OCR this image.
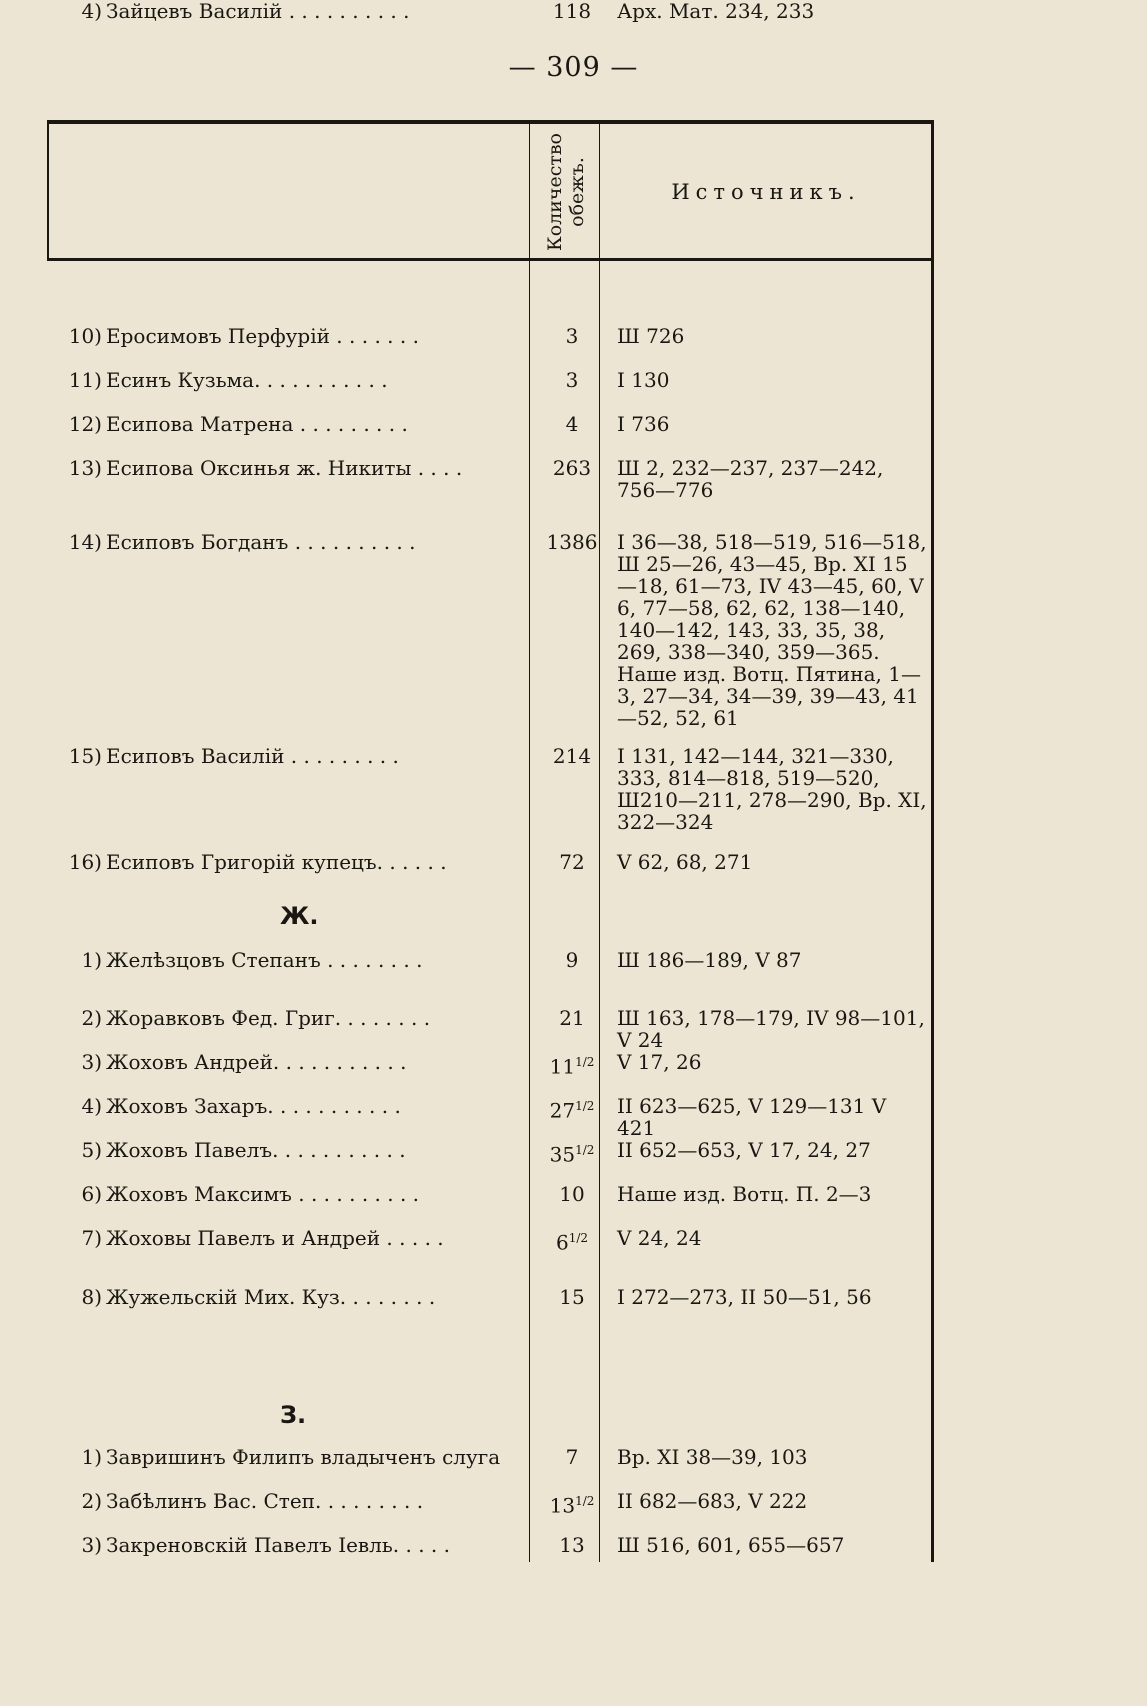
— 309 —
Количество обежъ.	Источникъ.
10) Еросимовъ Перфурій . . . . . . .	3	Ш 726
11) Есинъ Кузьма. . . . . . . . . . .	3	I 130
12) Есипова Матрена . . . . . . . . .	4	I 736
13) Есипова Оксинья ж. Никиты . . . .	263	Ш 2, 232—237, 237—242, 756—776
14) Есиповъ Богданъ . . . . . . . . . .	1386 I 36—38, 518—519, 516—518, Ш 25—26, 43—45, Вр. XI 15—18, 61—73, IV 43—45, 60, V 6, 77—58, 62, 62, 138—140, 140—142, 143, 33, 35, 38, 269, 338—340, 359—365. Наше изд. Вотц. Пятина, 1—3, 27—34, 34—39, 39—43, 41—52, 52, 61
15) Есиповъ Василій . . . . . . . . .	214	I 131, 142—144, 321—330, 333, 814—818, 519—520, Ш210—211, 278—290, Вр. XI, 322—324
16) Есиповъ Григорій купецъ. . . . . .	72	V 62, 68, 271
Ж.
1) Желѣзцовъ Степанъ . . . . . . . .	9	Ш 186—189, V 87
2) Жоравковъ Фед. Григ. . . . . . . .	21	Ш 163, 178—179, IV 98—101, V 24
3) Жоховъ Андрей. . . . . . . . . . .	$11^{1/2}$	V 17, 26
4) Жоховъ Захаръ. . . . . . . . . . .	$27^{1/2}$	II 623—625, V 129—131 V 421
5) Жоховъ Павелъ. . . . . . . . . . .	$35^{1/2}$	II 652—653, V 17, 24, 27
6) Жоховъ Максимъ . . . . . . . . . .	10	Наше изд. Вотц. П. 2—3
7) Жоховы Павелъ и Андрей . . . . .	$6^{1/2}$	V 24, 24
8) Жужельскій Мих. Куз. . . . . . . .	15	I 272—273, II 50—51, 56
З.
1) Завришинъ Филипъ владыченъ слуга	7	Вр. XI 38—39, 103
2) Забѣлинъ Вас. Степ. . . . . . . . .	$13^{1/2}$	II 682—683, V 222
3) Закреновскій Павелъ Іевль. . . . .	13	Ш 516, 601, 655—657
4) Зайцевъ Василій . . . . . . . . . .	118	Арх. Мат. 234, 233
